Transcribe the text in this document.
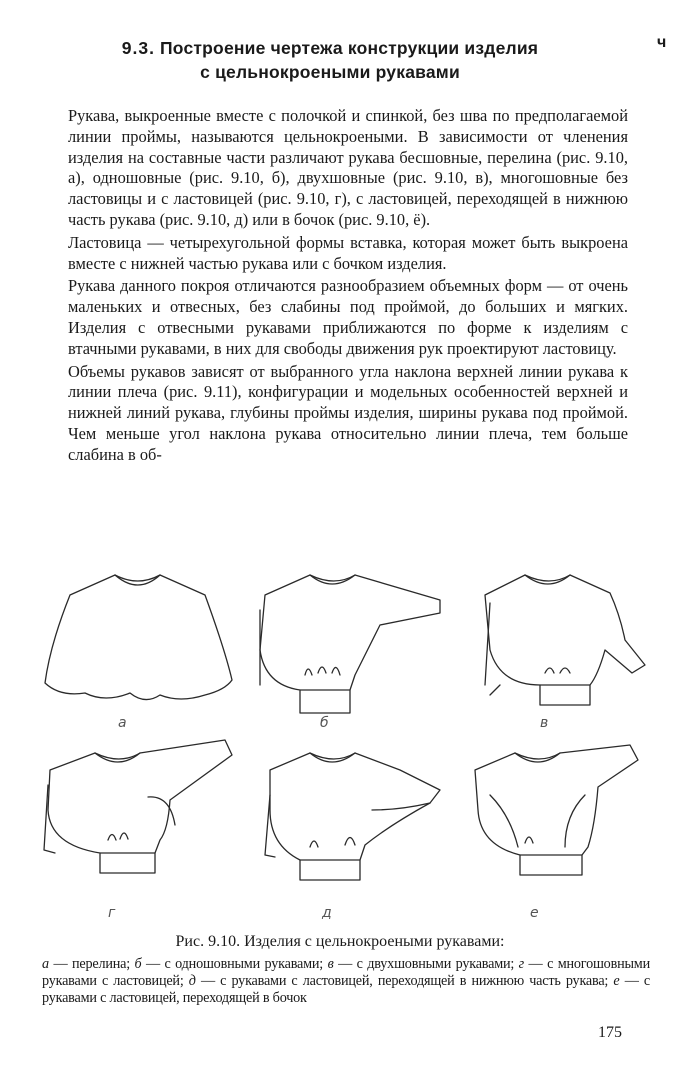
9.3. Построение чертежа конструкции изделия
с цельнокроеными рукавами
ч

Рукава, выкроенные вместе с полочкой и спинкой, без шва по предполагаемой линии проймы, называются цельнокроеными. В зависимости от членения изделия на составные части различают рукава бесшовные, перелина (рис. 9.10, а), одношовные (рис. 9.10, б), двухшовные (рис. 9.10, в), многошовные без ластовицы и с ластовицей (рис. 9.10, г), с ластовицей, переходящей в нижнюю часть рукава (рис. 9.10, д) или в бочок (рис. 9.10, ё).

Ластовица — четырехугольной формы вставка, которая может быть выкроена вместе с нижней частью рукава или с бочком изделия.

Рукава данного покроя отличаются разнообразием объемных форм — от очень маленьких и отвесных, без слабины под проймой, до больших и мягких. Изделия с отвесными рукавами приближаются по форме к изделиям с втачными рукавами, в них для свободы движения рук проектируют ластовицу.

Объемы рукавов зависят от выбранного угла наклона верхней линии рукава к линии плеча (рис. 9.11), конфигурации и модельных особенностей верхней и нижней линий рукава, глубины проймы изделия, ширины рукава под проймой. Чем меньше угол наклона рукава относительно линии плеча, тем больше слабина в об-

а	б	в
г	д	е
Рис. 9.10. Изделия с цельнокроеными рукавами:
а — перелина; б — с одношовными рукавами; в — с двухшовными рукавами; г — с многошовными рукавами с ластовицей; д — с рукавами с ластовицей, переходящей в нижнюю часть рукава; е — с рукавами с ластовицей, переходящей в бочок
175
